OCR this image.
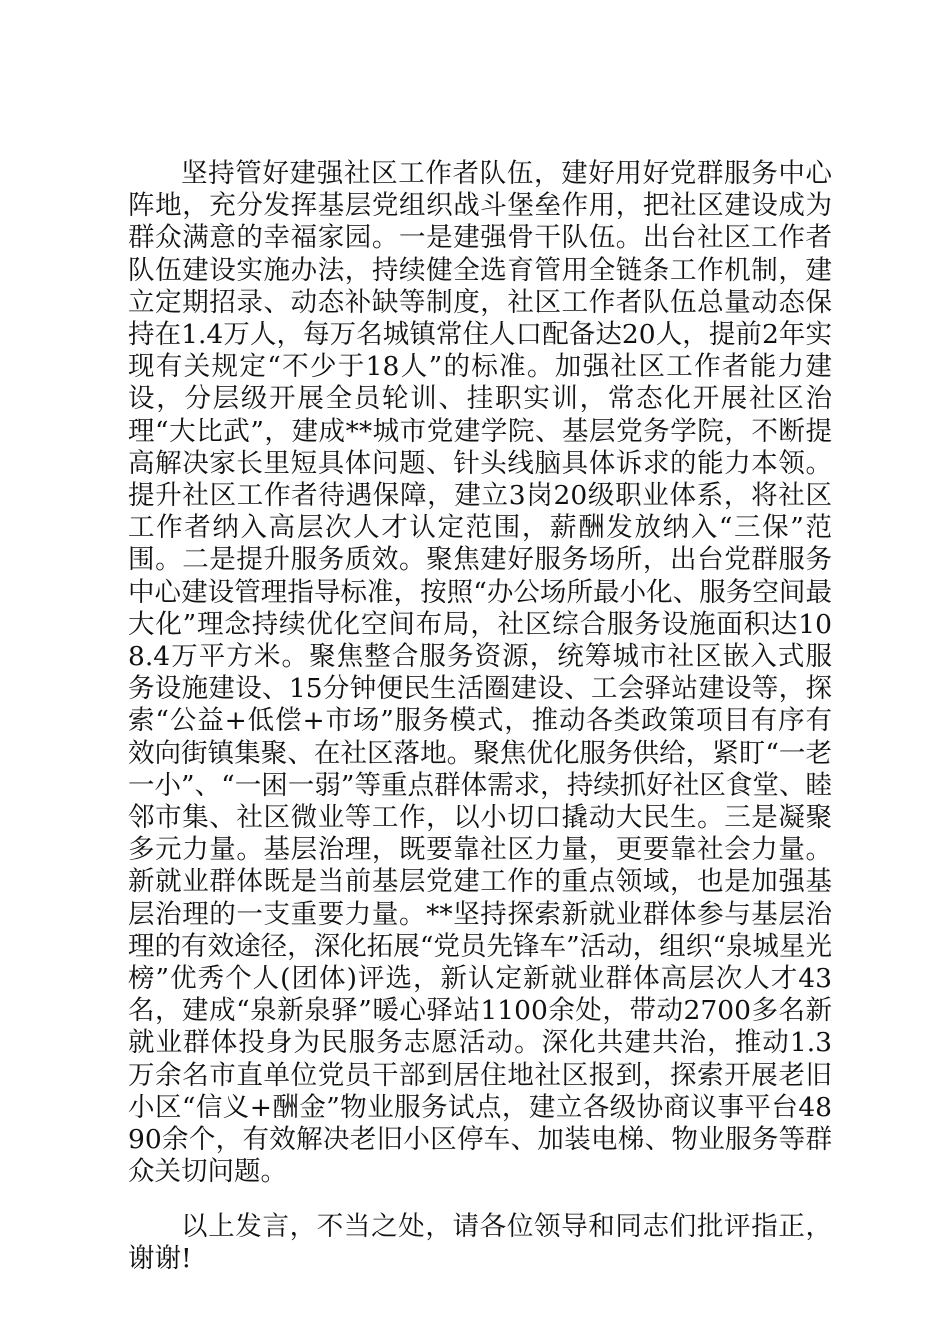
坚持管好建强社区工作者队伍，建好用好党群服务中心阵地，充分发挥基层党组织战斗堡垒作用，把社区建设成为群众满意的幸福家园。一是建强骨干队伍。出台社区工作者队伍建设实施办法，持续健全选育管用全链条工作机制，建立定期招录、动态补缺等制度，社区工作者队伍总量动态保持在1.4万人，每万名城镇常住人口配备达20人，提前2年实现有关规定“不少于18人”的标准。加强社区工作者能力建设，分层级开展全员轮训、挂职实训，常态化开展社区治理“大比武”，建成**城市党建学院、基层党务学院，不断提高解决家长里短具体问题、针头线脑具体诉求的能力本领。提升社区工作者待遇保障，建立3岗20级职业体系，将社区工作者纳入高层次人才认定范围，薪酬发放纳入“三保”范围。二是提升服务质效。聚焦建好服务场所，出台党群服务中心建设管理指导标准，按照“办公场所最小化、服务空间最大化”理念持续优化空间布局，社区综合服务设施面积达108.4万平方米。聚焦整合服务资源，统筹城市社区嵌入式服务设施建设、15分钟便民生活圈建设、工会驿站建设等，探索“公益+低偿+市场”服务模式，推动各类政策项目有序有效向街镇集聚、在社区落地。聚焦优化服务供给，紧盯“一老一小”、“一困一弱”等重点群体需求，持续抓好社区食堂、睦邻市集、社区微业等工作，以小切口撬动大民生。三是凝聚多元力量。基层治理，既要靠社区力量，更要靠社会力量。新就业群体既是当前基层党建工作的重点领域，也是加强基层治理的一支重要力量。**坚持探索新就业群体参与基层治理的有效途径，深化拓展“党员先锋车”活动，组织“泉城星光榜”优秀个人(团体)评选，新认定新就业群体高层次人才43名，建成“泉新泉驿”暖心驿站1100余处，带动2700多名新就业群体投身为民服务志愿活动。深化共建共治，推动1.3万余名市直单位党员干部到居住地社区报到，探索开展老旧小区“信义+酬金”物业服务试点，建立各级协商议事平台4890余个，有效解决老旧小区停车、加装电梯、物业服务等群众关切问题。

以上发言，不当之处，请各位领导和同志们批评指正，谢谢!
